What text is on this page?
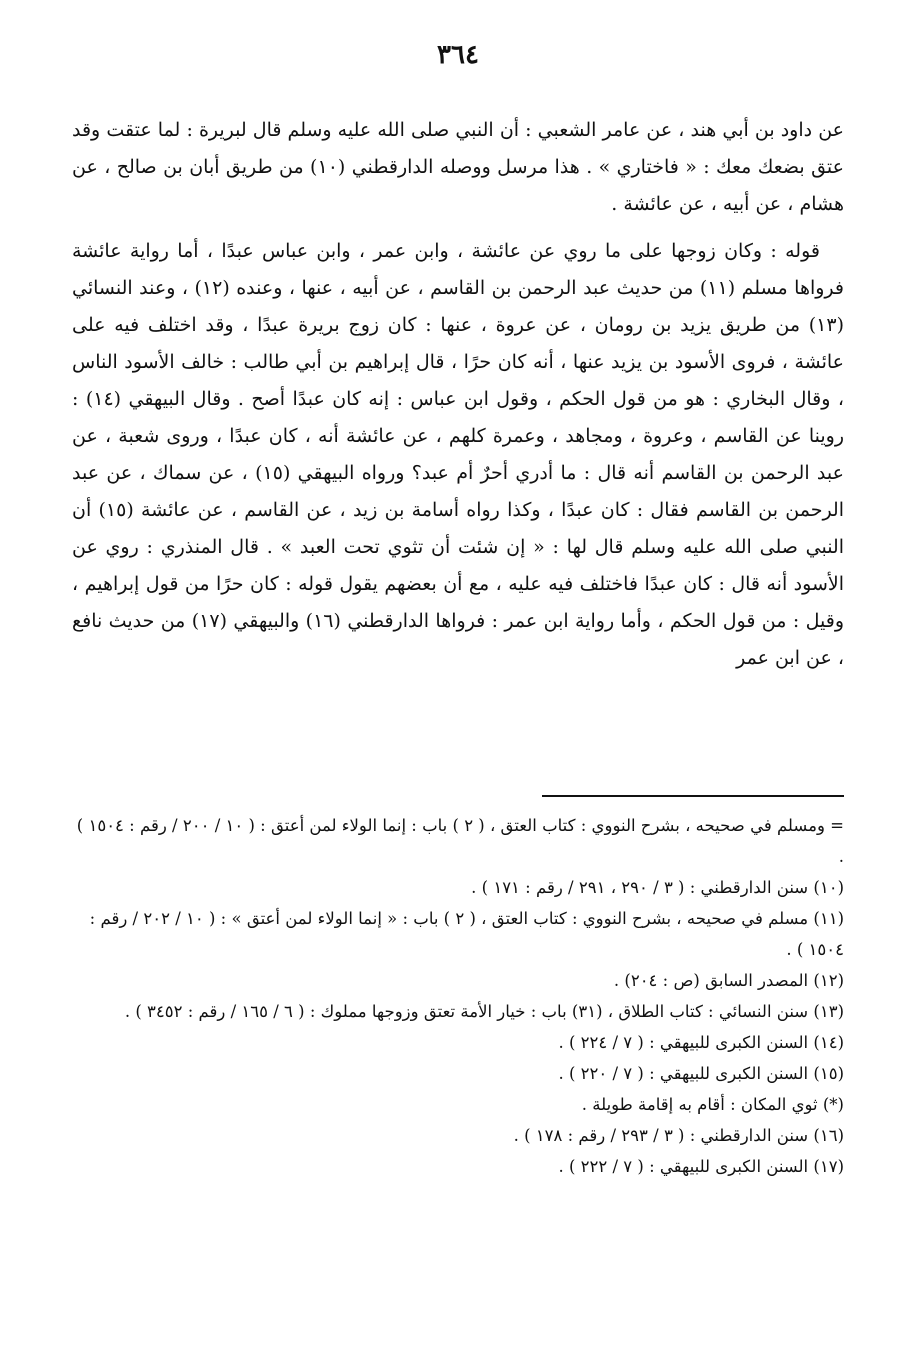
٣٦٤

عن داود بن أبي هند ، عن عامر الشعبي : أن النبي صلى الله عليه وسلم قال لبريرة : لما عتقت وقد عتق بضعك معك : « فاختاري » . هذا مرسل ووصله الدارقطني (١٠) من طريق أبان بن صالح ، عن هشام ، عن أبيه ، عن عائشة .

قوله : وكان زوجها على ما روي عن عائشة ، وابن عمر ، وابن عباس عبدًا ، أما رواية عائشة فرواها مسلم (١١) من حديث عبد الرحمن بن القاسم ، عن أبيه ، عنها ، وعنده (١٢) ، وعند النسائي (١٣) من طريق يزيد بن رومان ، عن عروة ، عنها : كان زوج بريرة عبدًا ، وقد اختلف فيه على عائشة ، فروى الأسود بن يزيد عنها ، أنه كان حرًا ، قال إبراهيم بن أبي طالب : خالف الأسود الناس ، وقال البخاري : هو من قول الحكم ، وقول ابن عباس : إنه كان عبدًا أصح . وقال البيهقي (١٤) : روينا عن القاسم ، وعروة ، ومجاهد ، وعمرة كلهم ، عن عائشة أنه ، كان عبدًا ، وروى شعبة ، عن عبد الرحمن بن القاسم أنه قال : ما أدري أحرٌ أم عبد؟ ورواه البيهقي (١٥) ، عن سماك ، عن عبد الرحمن بن القاسم فقال : كان عبدًا ، وكذا رواه أسامة بن زيد ، عن القاسم ، عن عائشة (١٥) أن النبي صلى الله عليه وسلم قال لها : « إن شئت أن تثوي تحت العبد » . قال المنذري : روي عن الأسود أنه قال : كان عبدًا فاختلف فيه عليه ، مع أن بعضهم يقول قوله : كان حرًا من قول إبراهيم ، وقيل : من قول الحكم ، وأما رواية ابن عمر : فرواها الدارقطني (١٦) والبيهقي (١٧) من حديث نافع ، عن ابن عمر

= ومسلم في صحيحه ، بشرح النووي : كتاب العتق ، ( ٢ ) باب : إنما الولاء لمن أعتق : ( ١٠ / ٢٠٠ / رقم : ١٥٠٤ ) .

(١٠) سنن الدارقطني : ( ٣ / ٢٩٠ ، ٢٩١ / رقم : ١٧١ ) .

(١١) مسلم في صحيحه ، بشرح النووي : كتاب العتق ، ( ٢ ) باب : « إنما الولاء لمن أعتق » : ( ١٠ / ٢٠٢ / رقم : ١٥٠٤ ) .

(١٢) المصدر السابق (ص : ٢٠٤) .

(١٣) سنن النسائي : كتاب الطلاق ، (٣١) باب : خيار الأمة تعتق وزوجها مملوك : ( ٦ / ١٦٥ / رقم : ٣٤٥٢ ) .

(١٤) السنن الكبرى للبيهقي : ( ٧ / ٢٢٤ ) .

(١٥) السنن الكبرى للبيهقي : ( ٧ / ٢٢٠ ) .

(*) ثوي المكان : أقام به إقامة طويلة .

(١٦) سنن الدارقطني : ( ٣ / ٢٩٣ / رقم : ١٧٨ ) .

(١٧) السنن الكبرى للبيهقي : ( ٧ / ٢٢٢ ) .
